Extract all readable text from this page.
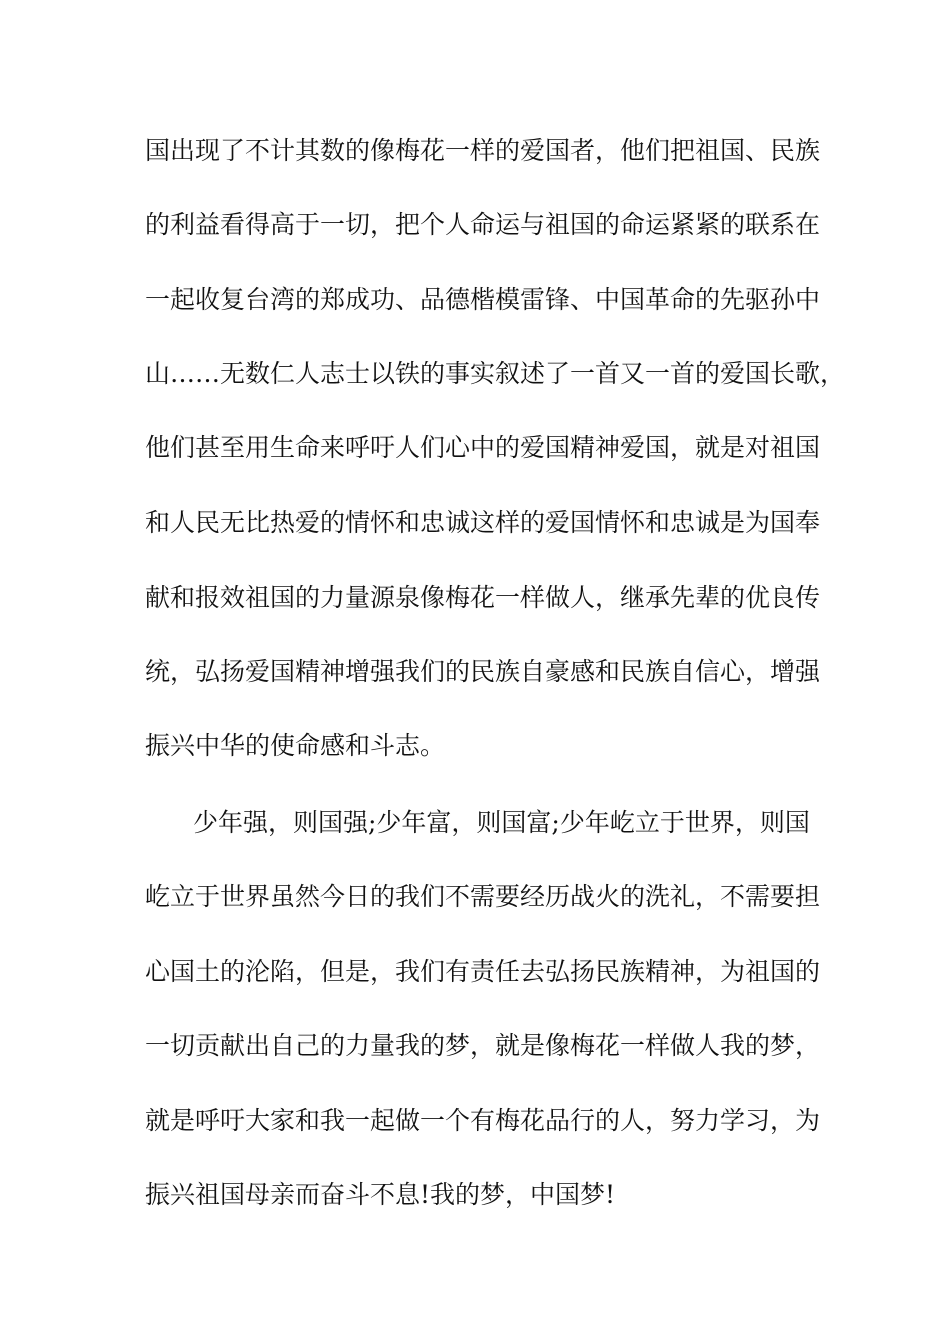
国出现了不计其数的像梅花一样的爱国者，他们把祖国、民族
的利益看得高于一切，把个人命运与祖国的命运紧紧的联系在
一起收复台湾的郑成功、品德楷模雷锋、中国革命的先驱孙中
山……无数仁人志士以铁的事实叙述了一首又一首的爱国长歌，
他们甚至用生命来呼吁人们心中的爱国精神爱国，就是对祖国
和人民无比热爱的情怀和忠诚这样的爱国情怀和忠诚是为国奉
献和报效祖国的力量源泉像梅花一样做人，继承先辈的优良传
统，弘扬爱国精神增强我们的民族自豪感和民族自信心，增强
振兴中华的使命感和斗志。
少年强，则国强;少年富，则国富;少年屹立于世界，则国
屹立于世界虽然今日的我们不需要经历战火的洗礼，不需要担
心国土的沦陷，但是，我们有责任去弘扬民族精神，为祖国的
一切贡献出自己的力量我的梦，就是像梅花一样做人我的梦，
就是呼吁大家和我一起做一个有梅花品行的人，努力学习，为
振兴祖国母亲而奋斗不息!我的梦，中国梦!
